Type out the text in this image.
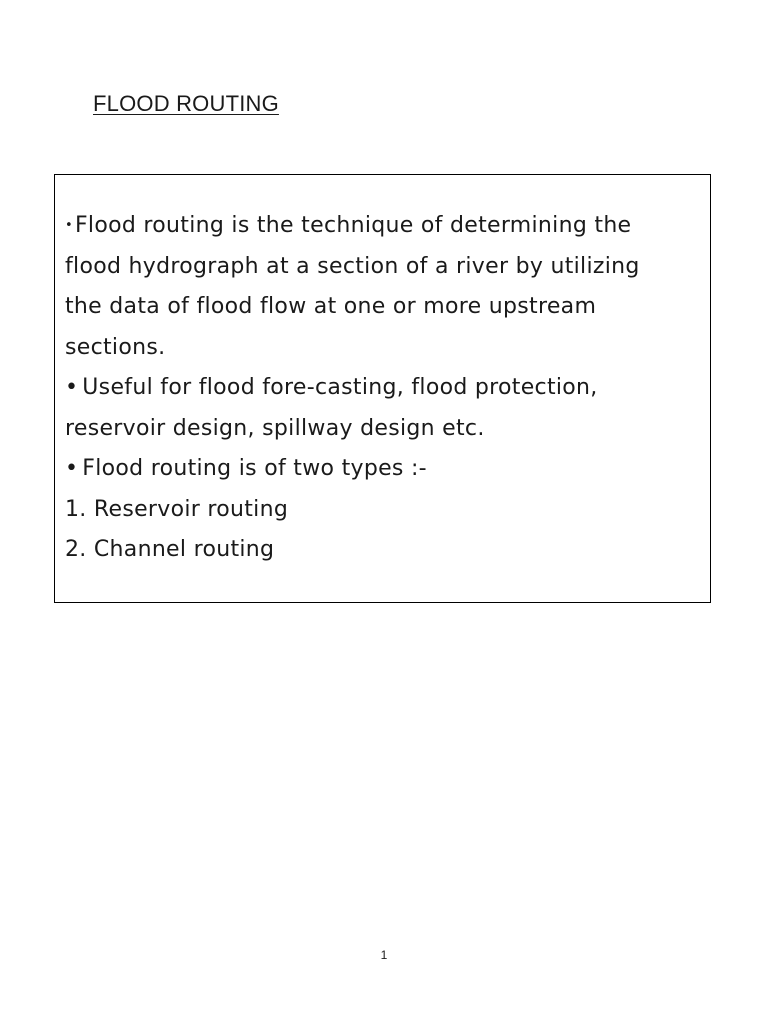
FLOOD ROUTING
•Flood routing is the technique of determining the
flood hydrograph at a section of a river by utilizing
the data of flood flow at one or more upstream
sections.
• Useful for flood fore-casting, flood protection,
reservoir design, spillway design etc.
• Flood routing is of two types :-
1. Reservoir routing
2. Channel routing
1
